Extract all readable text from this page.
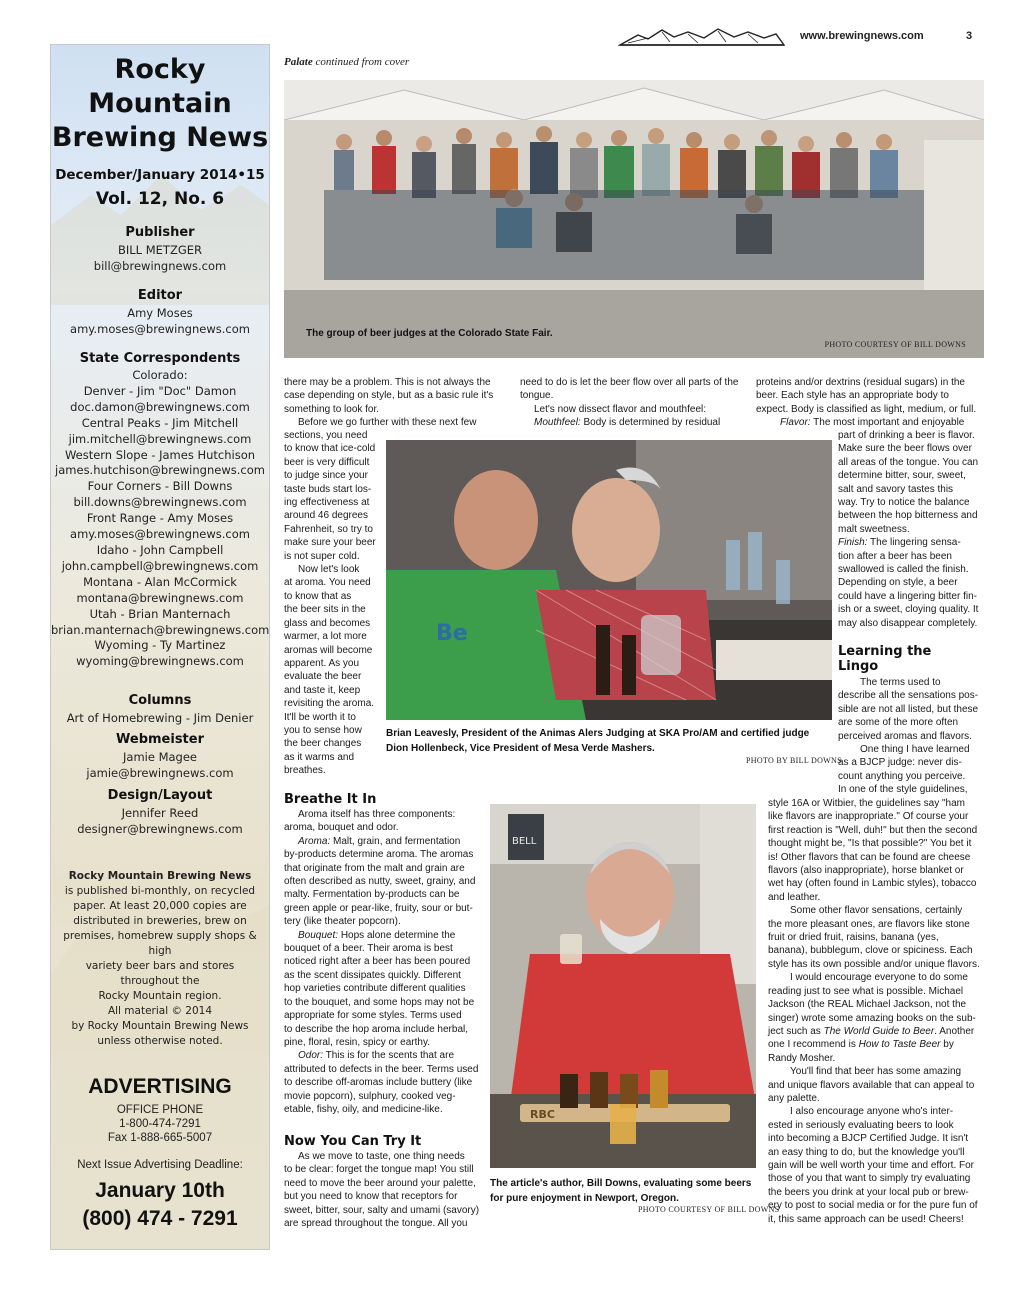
www.brewingnews.com	3
Palate continued from cover
Rocky
Mountain
Brewing News
December/January 2014•15
Vol. 12, No. 6
Publisher
BILL METZGER
bill@brewingnews.com
Editor
Amy Moses
amy.moses@brewingnews.com
State Correspondents
Colorado:
Denver - Jim "Doc" Damon
doc.damon@brewingnews.com
Central Peaks - Jim Mitchell
jim.mitchell@brewingnews.com
Western Slope - James Hutchison
james.hutchison@brewingnews.com
Four Corners - Bill Downs
bill.downs@brewingnews.com
Front Range - Amy Moses
amy.moses@brewingnews.com
Idaho - John Campbell
john.campbell@brewingnews.com
Montana - Alan McCormick
montana@brewingnews.com
Utah - Brian Manternach
brian.manternach@brewingnews.com
Wyoming - Ty Martinez
wyoming@brewingnews.com
Columns
Art of Homebrewing - Jim Denier
Webmeister
Jamie Magee
jamie@brewingnews.com
Design/Layout
Jennifer Reed
designer@brewingnews.com
Rocky Mountain Brewing News
is published bi-monthly, on recycled
paper. At least 20,000 copies are
distributed in breweries, brew on
premises, homebrew supply shops & high
variety beer bars and stores throughout the
Rocky Mountain region.
All material © 2014
by Rocky Mountain Brewing News
unless otherwise noted.
ADVERTISING
OFFICE PHONE
1-800-474-7291
Fax 1-888-665-5007
Next Issue Advertising Deadline:
January 10th
(800) 474 - 7291
The group of beer judges at the Colorado State Fair.
PHOTO COURTESY OF BILL DOWNS
Be
Brian Leavesly, President of the Animas Alers Judging at SKA Pro/AM and certified judge
Dion Hollenbeck, Vice President of Mesa Verde Mashers.
PHOTO BY BILL DOWNS
BELL
RBC
The article's author, Bill Downs, evaluating some beers
for pure enjoyment in Newport, Oregon.
PHOTO COURTESY OF BILL DOWNS

there may be a problem. This is not always the

case depending on style, but as a basic rule it's

something to look for.

Before we go further with these next few

sections, you need

to know that ice-cold

beer is very difficult

to judge since your

taste buds start los-

ing effectiveness at

around 46 degrees

Fahrenheit, so try to

make sure your beer

is not super cold.

Now let's look

at aroma. You need

to know that as

the beer sits in the

glass and becomes

warmer, a lot more

aromas will become

apparent. As you

evaluate the beer

and taste it, keep

revisiting the aroma.

It'll be worth it to

you to sense how

the beer changes

as it warms and

breathes.

Breathe It In

Aroma itself has three components:

aroma, bouquet and odor.

Aroma: Malt, grain, and fermentation

by-products determine aroma. The aromas

that originate from the malt and grain are

often described as nutty, sweet, grainy, and

malty. Fermentation by-products can be

green apple or pear-like, fruity, sour or but-

tery (like theater popcorn).

Bouquet: Hops alone determine the

bouquet of a beer. Their aroma is best

noticed right after a beer has been poured

as the scent dissipates quickly. Different

hop varieties contribute different qualities

to the bouquet, and some hops may not be

appropriate for some styles. Terms used

to describe the hop aroma include herbal,

pine, floral, resin, spicy or earthy.

Odor: This is for the scents that are

attributed to defects in the beer. Terms used

to describe off-aromas include buttery (like

movie popcorn), sulphury, cooked veg-

etable, fishy, oily, and medicine-like.

Now You Can Try It

As we move to taste, one thing needs

to be clear: forget the tongue map! You still

need to move the beer around your palette,

but you need to know that receptors for

sweet, bitter, sour, salty and umami (savory)

are spread throughout the tongue. All you

need to do is let the beer flow over all parts of the

tongue.

Let's now dissect flavor and mouthfeel:

Mouthfeel: Body is determined by residual

proteins and/or dextrins (residual sugars) in the

beer. Each style has an appropriate body to

expect. Body is classified as light, medium, or full.

Flavor: The most important and enjoyable

part of drinking a beer is flavor.

Make sure the beer flows over

all areas of the tongue. You can

determine bitter, sour, sweet,

salt and savory tastes this

way. Try to notice the balance

between the hop bitterness and

malt sweetness.

Finish: The lingering sensa-

tion after a beer has been

swallowed is called the finish.

Depending on style, a beer

could have a lingering bitter fin-

ish or a sweet, cloying quality. It

may also disappear completely.

Learning the
Lingo

The terms used to

describe all the sensations pos-

sible are not all listed, but these

are some of the more often

perceived aromas and flavors.

One thing I have learned

as a BJCP judge: never dis-

count anything you perceive.

In one of the style guidelines,

style 16A or Witbier, the guidelines say "ham

like flavors are inappropriate." Of course your

first reaction is "Well, duh!" but then the second

thought might be, "Is that possible?" You bet it

is! Other flavors that can be found are cheese

flavors (also inappropriate), horse blanket or

wet hay (often found in Lambic styles), tobacco

and leather.

Some other flavor sensations, certainly

the more pleasant ones, are flavors like stone

fruit or dried fruit, raisins, banana (yes,

banana), bubblegum, clove or spiciness. Each

style has its own possible and/or unique flavors.

I would encourage everyone to do some

reading just to see what is possible. Michael

Jackson (the REAL Michael Jackson, not the

singer) wrote some amazing books on the sub-

ject such as The World Guide to Beer. Another

one I recommend is How to Taste Beer by

Randy Mosher.

You'll find that beer has some amazing

and unique flavors available that can appeal to

any palette.

I also encourage anyone who's inter-

ested in seriously evaluating beers to look

into becoming a BJCP Certified Judge. It isn't

an easy thing to do, but the knowledge you'll

gain will be well worth your time and effort. For

those of you that want to simply try evaluating

the beers you drink at your local pub or brew-

ery to post to social media or for the pure fun of

it, this same approach can be used! Cheers!
